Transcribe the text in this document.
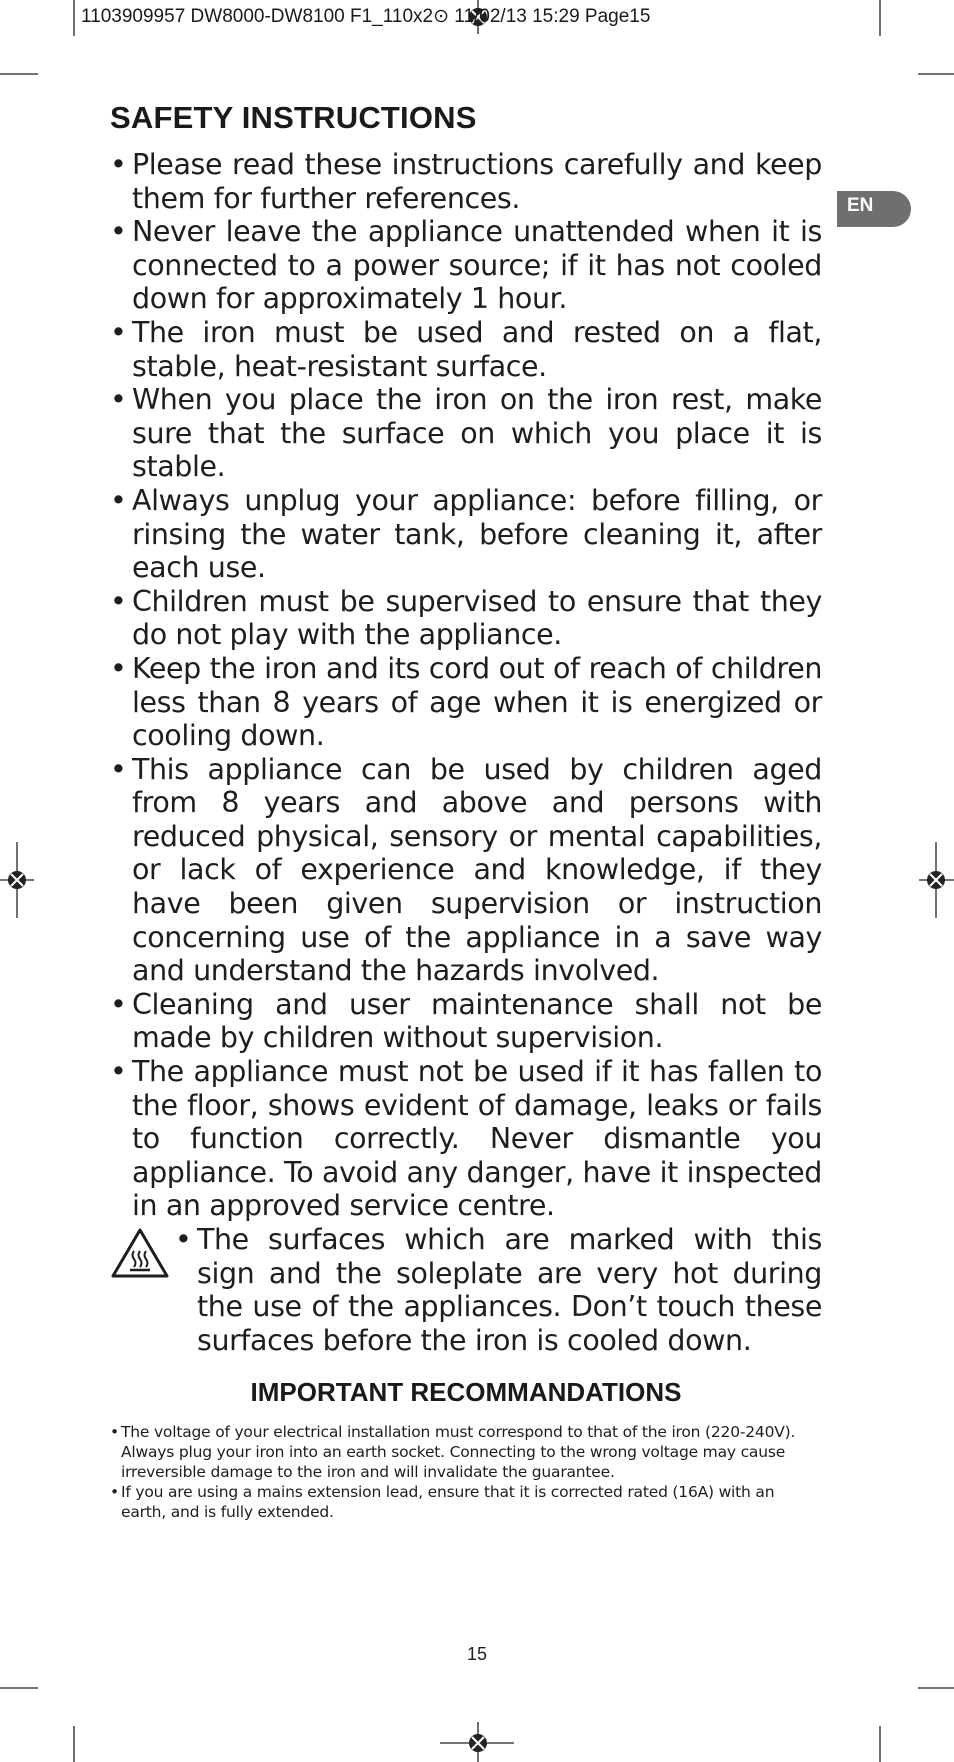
1103909957 DW8000-DW8100 F1_110x2⊙ 11/02/13 15:29 Page15
EN
SAFETY INSTRUCTIONS
• Please read these instructions carefully and keep them for further references.
• Never leave the appliance unattended when it is connected to a power source; if it has not cooled down for approximately 1 hour.
• The iron must be used and rested on a flat, stable, heat-resistant surface.
• When you place the iron on the iron rest, make sure that the surface on which you place it is stable.
• Always unplug your appliance: before filling, or rinsing the water tank, before cleaning it, after each use.
• Children must be supervised to ensure that they do not play with the appliance.
• Keep the iron and its cord out of reach of children less than 8 years of age when it is energized or cooling down.
• This appliance can be used by children aged from 8 years and above and persons with reduced physical, sensory or mental capabilities, or lack of experience and knowledge, if they have been given supervision or instruction concerning use of the appliance in a save way and understand the hazards involved.
• Cleaning and user maintenance shall not be made by children without supervision.
• The appliance must not be used if it has fallen to the floor, shows evident of damage, leaks or fails to function correctly. Never dismantle you appliance. To avoid any danger, have it inspected in an approved service centre.
• The surfaces which are marked with this sign and the soleplate are very hot during the use of the appliances. Don’t touch these surfaces before the iron is cooled down.
IMPORTANT RECOMMANDATIONS
• The voltage of your electrical installation must correspond to that of the iron (220-240V). Always plug your iron into an earth socket. Connecting to the wrong voltage may cause irreversible damage to the iron and will invalidate the guarantee.
• If you are using a mains extension lead, ensure that it is corrected rated (16A) with an earth, and is fully extended.
15
